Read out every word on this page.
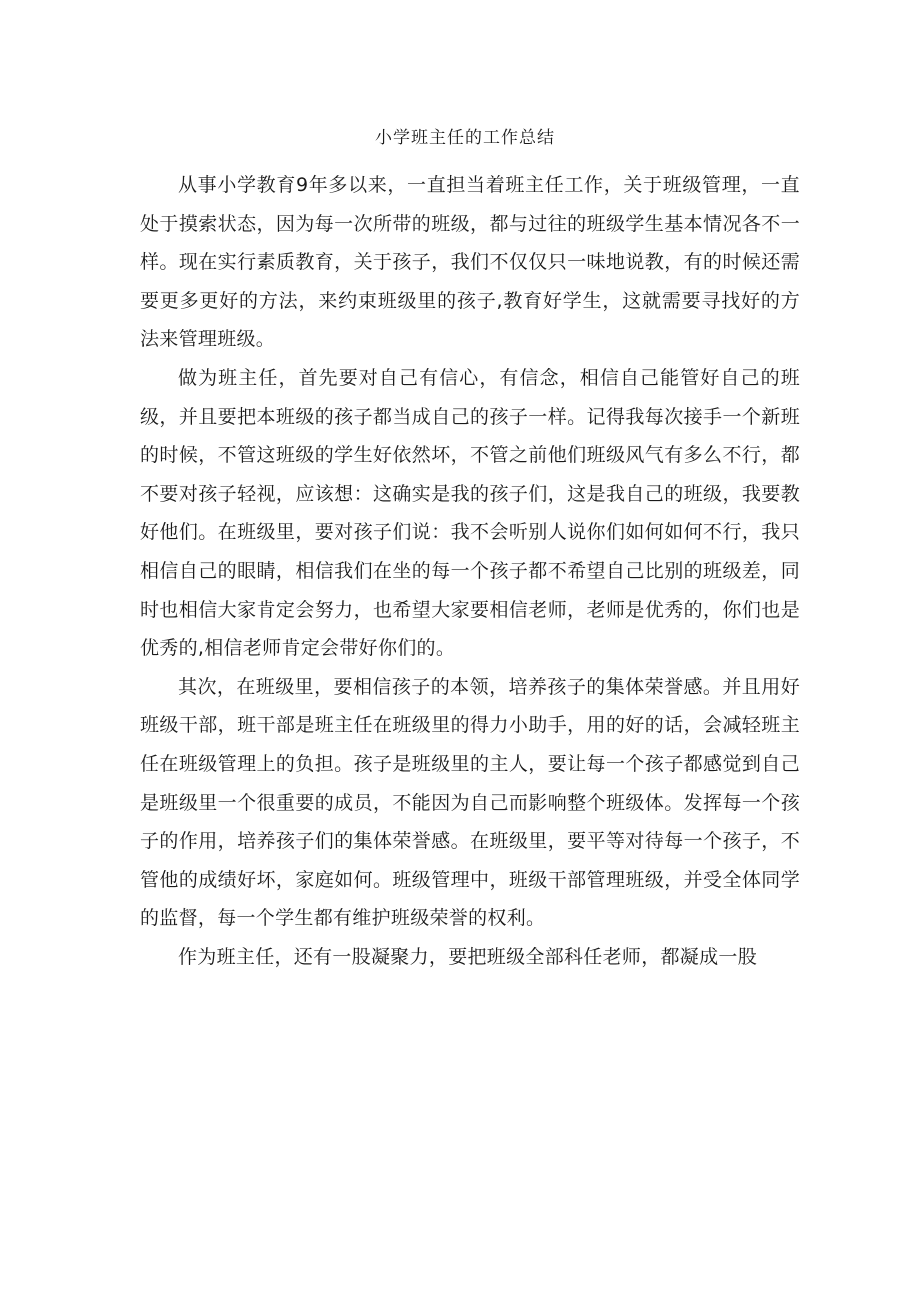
小学班主任的工作总结

从事小学教育9年多以来，一直担当着班主任工作，关于班级管理，一直处于摸索状态，因为每一次所带的班级，都与过往的班级学生基本情况各不一样。现在实行素质教育，关于孩子，我们不仅仅只一味地说教，有的时候还需要更多更好的方法，来约束班级里的孩子,教育好学生，这就需要寻找好的方法来管理班级。

做为班主任，首先要对自己有信心，有信念，相信自己能管好自己的班级，并且要把本班级的孩子都当成自己的孩子一样。记得我每次接手一个新班的时候，不管这班级的学生好依然坏，不管之前他们班级风气有多么不行，都不要对孩子轻视，应该想：这确实是我的孩子们，这是我自己的班级，我要教好他们。在班级里，要对孩子们说：我不会听别人说你们如何如何不行，我只相信自己的眼睛，相信我们在坐的每一个孩子都不希望自己比别的班级差，同时也相信大家肯定会努力，也希望大家要相信老师，老师是优秀的，你们也是优秀的,相信老师肯定会带好你们的。

其次，在班级里，要相信孩子的本领，培养孩子的集体荣誉感。并且用好班级干部，班干部是班主任在班级里的得力小助手，用的好的话，会减轻班主任在班级管理上的负担。孩子是班级里的主人，要让每一个孩子都感觉到自己是班级里一个很重要的成员，不能因为自己而影响整个班级体。发挥每一个孩子的作用，培养孩子们的集体荣誉感。在班级里，要平等对待每一个孩子，不管他的成绩好坏，家庭如何。班级管理中，班级干部管理班级，并受全体同学的监督，每一个学生都有维护班级荣誉的权利。

作为班主任，还有一股凝聚力，要把班级全部科任老师，都凝成一股
